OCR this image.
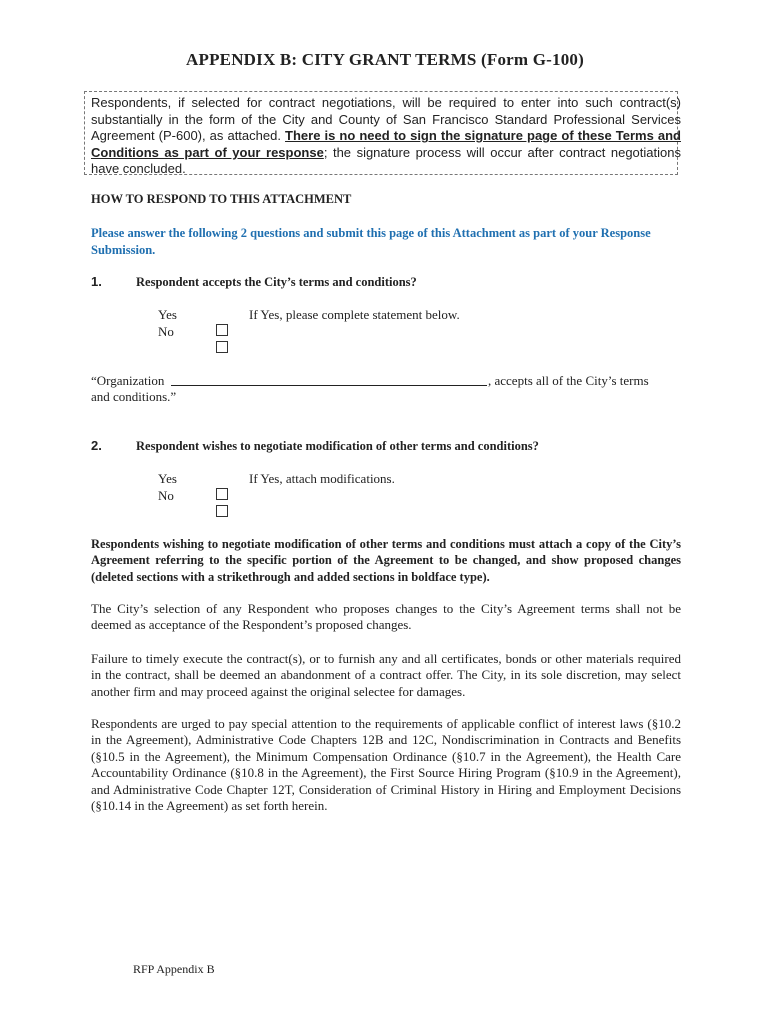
APPENDIX B: CITY GRANT TERMS (Form G-100)
Respondents, if selected for contract negotiations, will be required to enter into such contract(s) substantially in the form of the City and County of San Francisco Standard Professional Services Agreement (P-600), as attached. There is no need to sign the signature page of these Terms and Conditions as part of your response; the signature process will occur after contract negotiations have concluded.
HOW TO RESPOND TO THIS ATTACHMENT
Please answer the following 2 questions and submit this page of this Attachment as part of your Response Submission.
1.	Respondent accepts the City’s terms and conditions?
Yes
No
If Yes, please complete statement below.
“Organization	, accepts all of the City’s terms
and conditions.”
2.	Respondent wishes to negotiate modification of other terms and conditions?
Yes
No
If Yes, attach modifications.
Respondents wishing to negotiate modification of other terms and conditions must attach a copy of the City’s Agreement referring to the specific portion of the Agreement to be changed, and show proposed changes (deleted sections with a strikethrough and added sections in boldface type).
The City’s selection of any Respondent who proposes changes to the City’s Agreement terms shall not be deemed as acceptance of the Respondent’s proposed changes.
Failure to timely execute the contract(s), or to furnish any and all certificates, bonds or other materials required in the contract, shall be deemed an abandonment of a contract offer. The City, in its sole discretion, may select another firm and may proceed against the original selectee for damages.
Respondents are urged to pay special attention to the requirements of applicable conflict of interest laws (§10.2 in the Agreement), Administrative Code Chapters 12B and 12C, Nondiscrimination in Contracts and Benefits (§10.5 in the Agreement), the Minimum Compensation Ordinance (§10.7 in the Agreement), the Health Care Accountability Ordinance (§10.8 in the Agreement), the First Source Hiring Program (§10.9 in the Agreement), and Administrative Code Chapter 12T, Consideration of Criminal History in Hiring and Employment Decisions (§10.14 in the Agreement) as set forth herein.
RFP Appendix B
